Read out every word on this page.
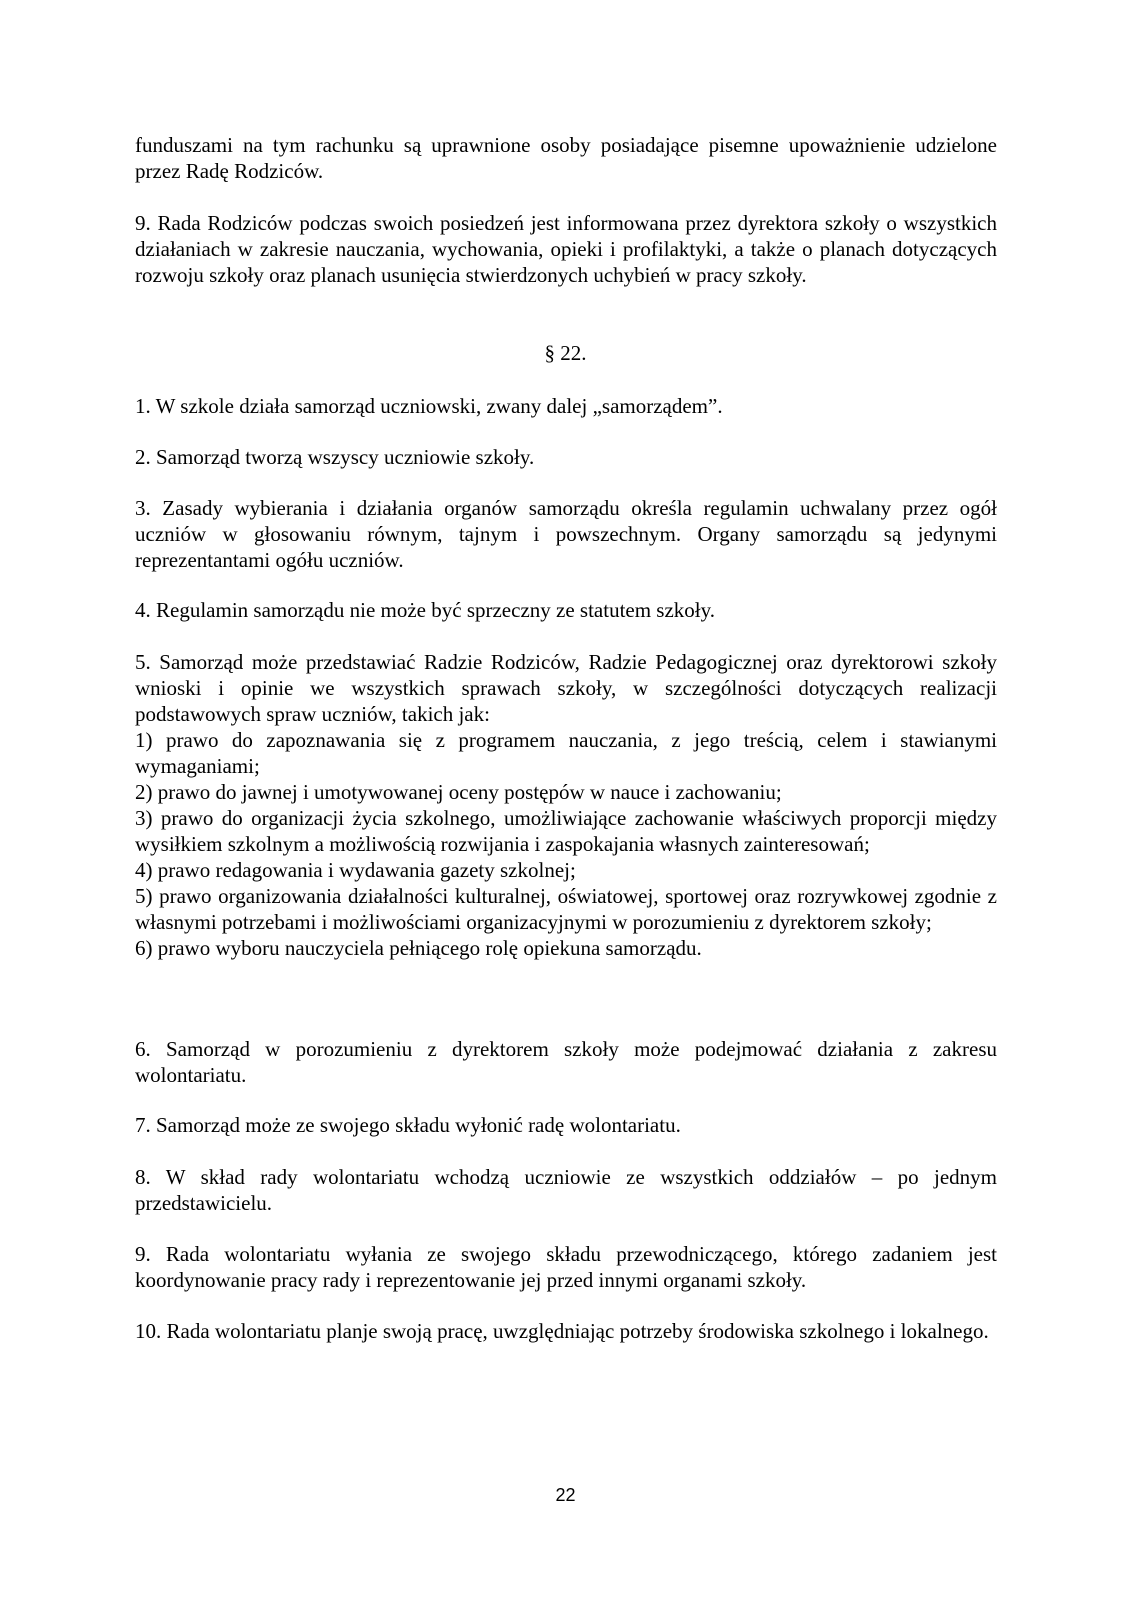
funduszami na tym rachunku są uprawnione osoby posiadające pisemne upoważnienie udzielone przez Radę Rodziców.

9. Rada Rodziców podczas swoich posiedzeń jest informowana przez dyrektora szkoły o wszystkich działaniach w zakresie nauczania, wychowania, opieki i profilaktyki, a także o planach dotyczących rozwoju szkoły oraz planach usunięcia stwierdzonych uchybień w pracy szkoły.

§ 22.

1. W szkole działa samorząd uczniowski, zwany dalej „samorządem”.

2. Samorząd tworzą wszyscy uczniowie szkoły.

3. Zasady wybierania i działania organów samorządu określa regulamin uchwalany przez ogół uczniów w głosowaniu równym, tajnym i powszechnym. Organy samorządu są jedynymi reprezentantami ogółu uczniów.

4. Regulamin samorządu nie może być sprzeczny ze statutem szkoły.

5. Samorząd może przedstawiać Radzie Rodziców, Radzie Pedagogicznej oraz dyrektorowi szkoły wnioski i opinie we wszystkich sprawach szkoły, w szczególności dotyczących realizacji podstawowych spraw uczniów, takich jak:
1) prawo do zapoznawania się z programem nauczania, z jego treścią, celem i stawianymi wymaganiami;
2) prawo do jawnej i umotywowanej oceny postępów w nauce i zachowaniu;
3) prawo do organizacji życia szkolnego, umożliwiające zachowanie właściwych proporcji między wysiłkiem szkolnym a możliwością rozwijania i zaspokajania własnych zainteresowań;
4) prawo redagowania i wydawania gazety szkolnej;
5) prawo organizowania działalności kulturalnej, oświatowej, sportowej oraz rozrywkowej zgodnie z własnymi potrzebami i możliwościami organizacyjnymi w porozumieniu z dyrektorem szkoły;
6) prawo wyboru nauczyciela pełniącego rolę opiekuna samorządu.

6. Samorząd w porozumieniu z dyrektorem szkoły może podejmować działania z zakresu wolontariatu.

7. Samorząd może ze swojego składu wyłonić radę wolontariatu.

8. W skład rady wolontariatu wchodzą uczniowie ze wszystkich oddziałów – po jednym przedstawicielu.

9. Rada wolontariatu wyłania ze swojego składu przewodniczącego, którego zadaniem jest koordynowanie pracy rady i reprezentowanie jej przed innymi organami szkoły.

10. Rada wolontariatu planje swoją pracę, uwzględniając potrzeby środowiska szkolnego i lokalnego.

22
